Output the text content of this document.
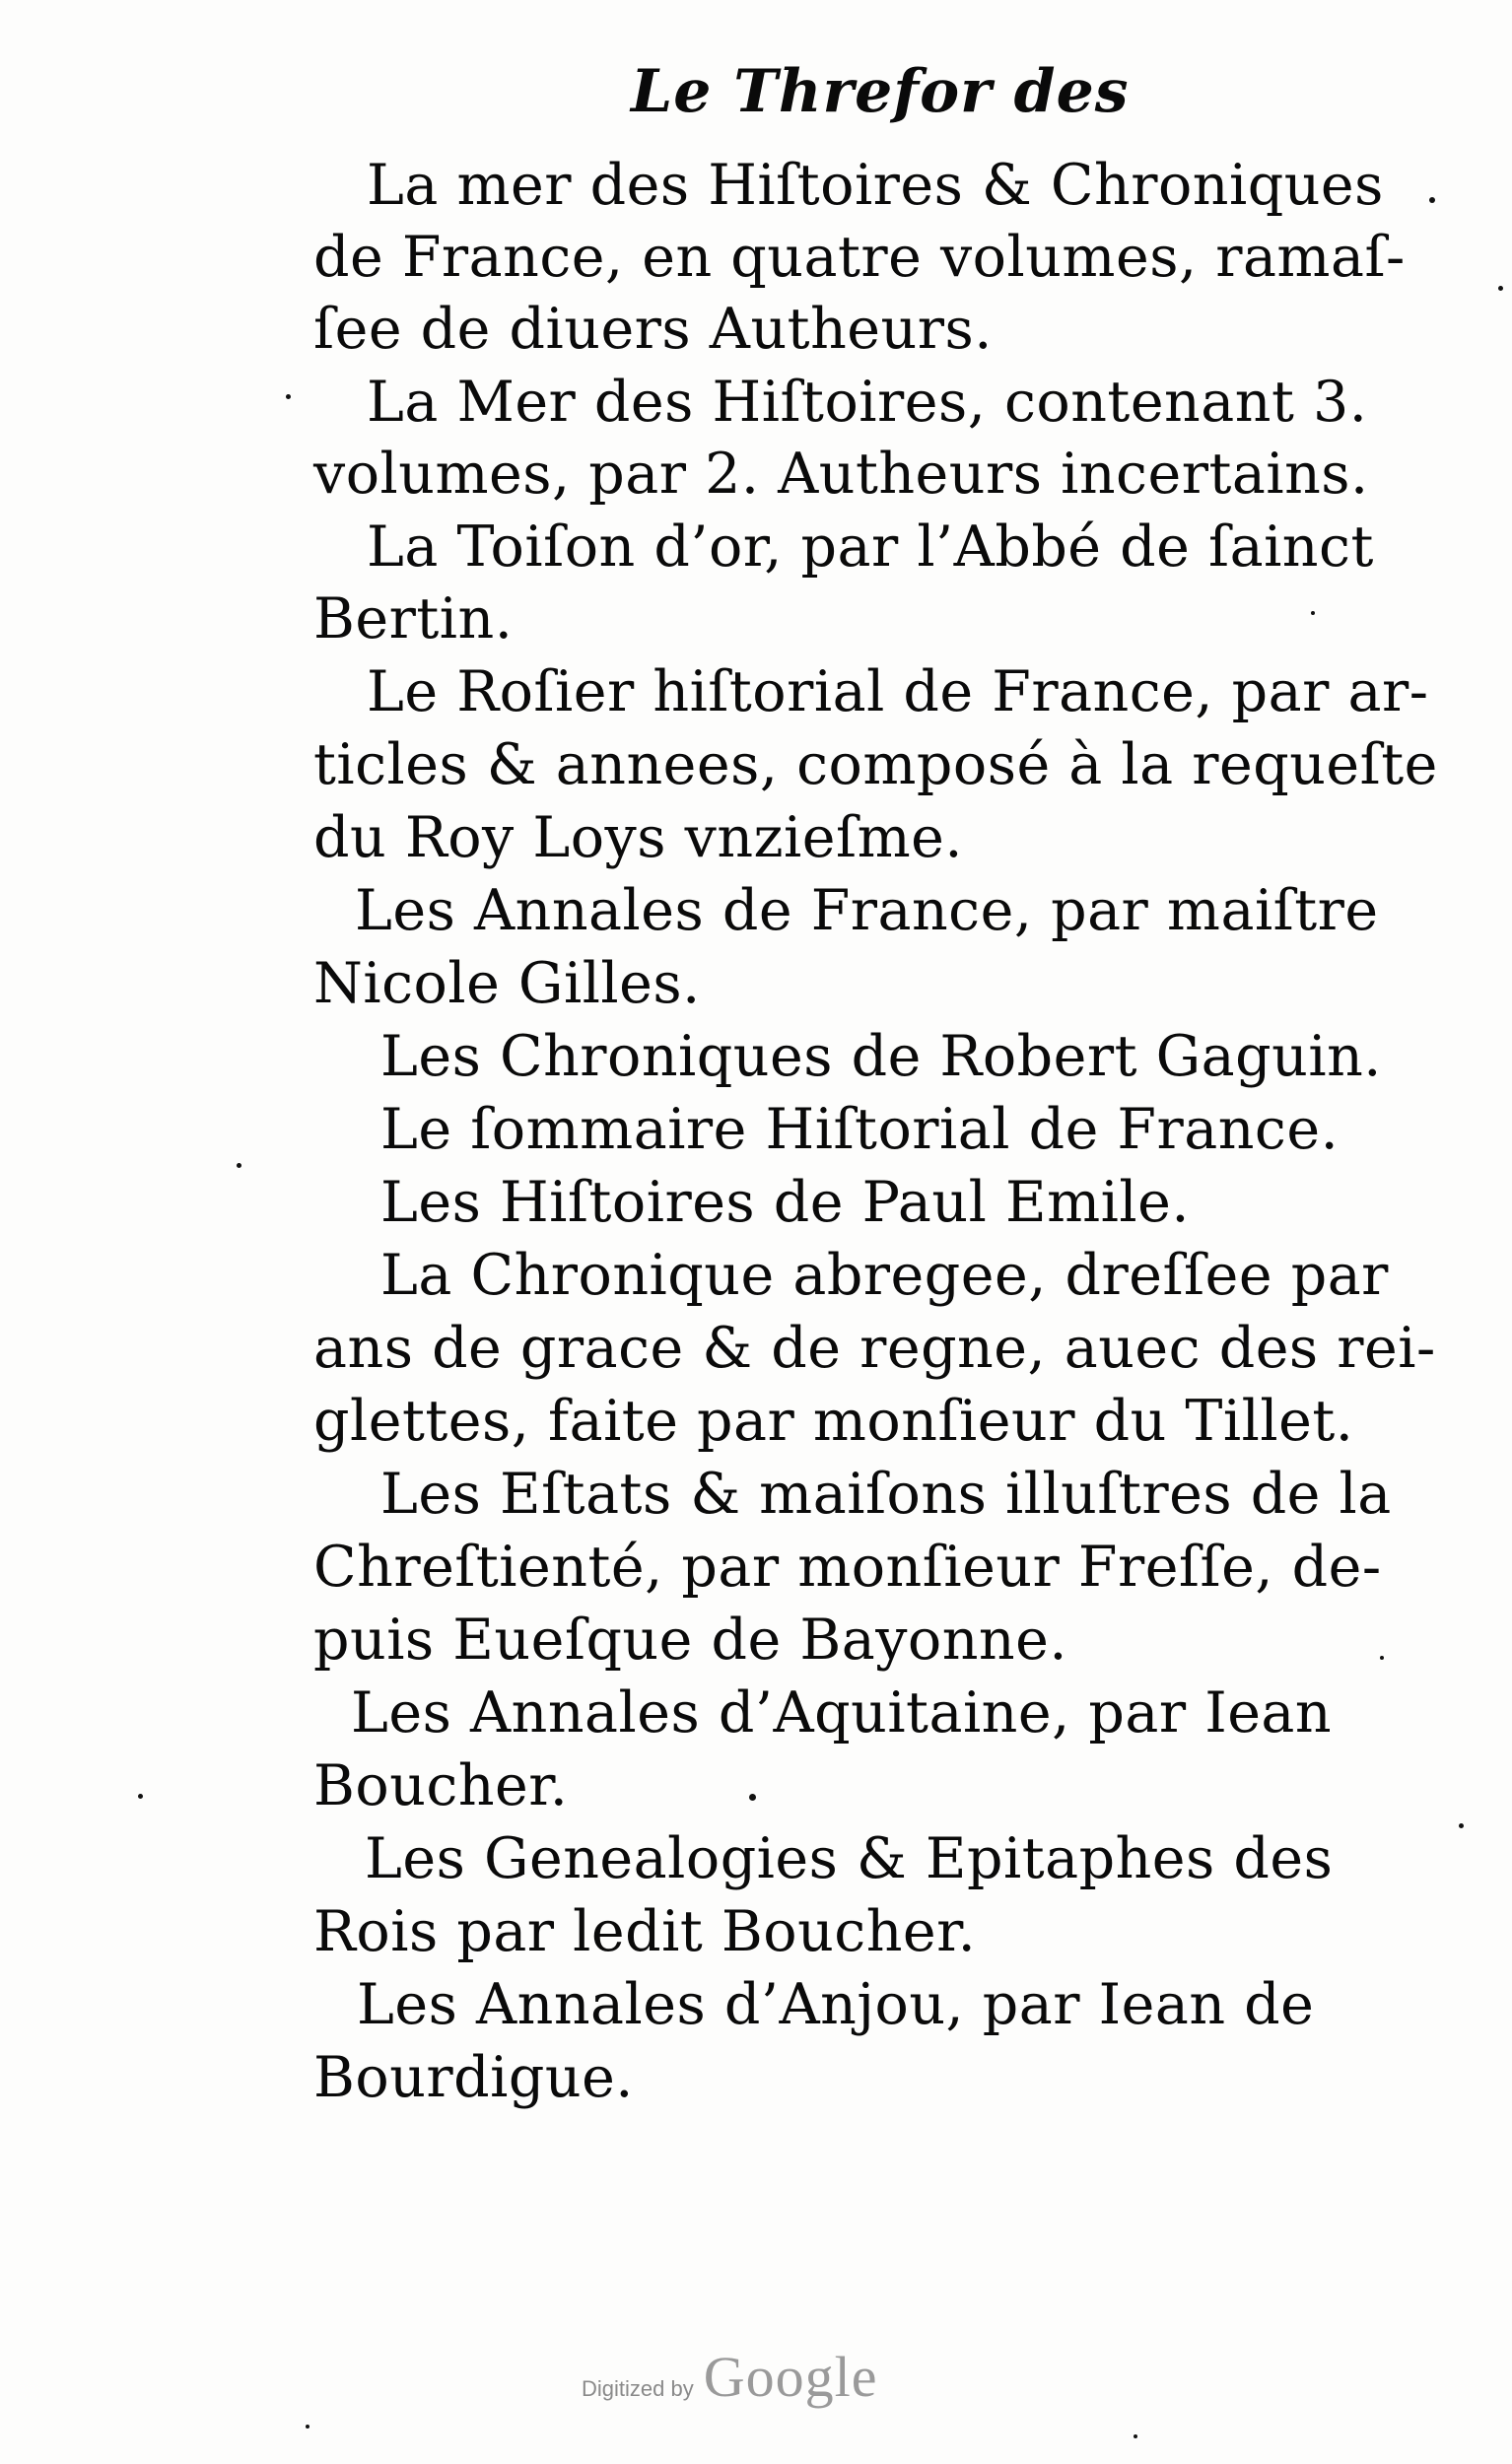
Le Threfor des
La mer des Hiſtoires & Chroniques
de France, en quatre volumes, ramaſ-
ſee de diuers Autheurs.
La Mer des Hiſtoires, contenant 3.
volumes, par 2. Autheurs incertains.
La Toiſon d’or, par l’Abbé de ſainct
Bertin.
Le Roſier hiſtorial de France, par ar-
ticles & annees, composé à la requeſte
du Roy Loys vnzieſme.
Les Annales de France, par maiſtre
Nicole Gilles.
Les Chroniques de Robert Gaguin.
Le ſommaire Hiſtorial de France.
Les Hiſtoires de Paul Emile.
La Chronique abregee, dreſſee par
ans de grace & de regne, auec des rei-
glettes, faite par monſieur du Tillet.
Les Eſtats & maiſons illuſtres de la
Chreſtienté, par monſieur Freſſe, de-
puis Eueſque de Bayonne.
Les Annales d’Aquitaine, par Iean
Boucher.
Les Genealogies & Epitaphes des
Rois par ledit Boucher.
Les Annales d’Anjou, par Iean de
Bourdigue.
Digitized by Google
